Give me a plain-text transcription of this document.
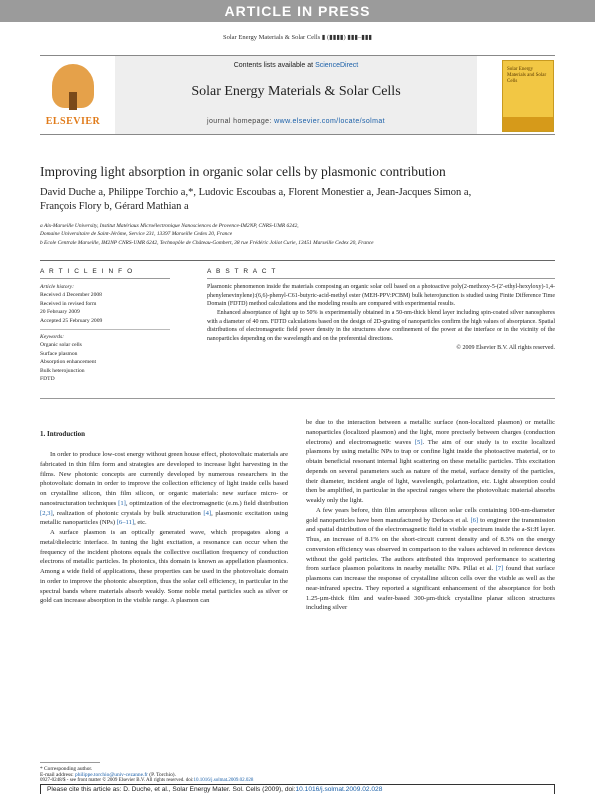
ARTICLE IN PRESS
Solar Energy Materials & Solar Cells ▮ (▮▮▮▮) ▮▮▮–▮▮▮
ELSEVIER
Contents lists available at ScienceDirect
Solar Energy Materials & Solar Cells
journal homepage: www.elsevier.com/locate/solmat
Solar Energy Materials and Solar Cells
Improving light absorption in organic solar cells by plasmonic contribution
David Duche a, Philippe Torchio a,*, Ludovic Escoubas a, Florent Monestier a, Jean-Jacques Simon a,
François Flory b, Gérard Mathian a
a Aix-Marseille University, Institut Matériaux Microélectronique Nanosciences de Provence-IM2NP, CNRS-UMR 6242,
Domaine Universitaire de Saint-Jérôme, Service 231, 13397 Marseille Cedex 20, France
b Ecole Centrale Marseille, IM2NP CNRS-UMR 6242, Technopôle de Château-Gombert, 38 rue Frédéric Joliot Curie, 13451 Marseille Cedex 20, France
A R T I C L E I N F O	A B S T R A C T
Article history:
Received 4 December 2008
Received in revised form
20 February 2009
Accepted 25 February 2009
Keywords:
Organic solar cells
Surface plasmon
Absorption enhancement
Bulk heterojunction
FDTD

Plasmonic phenomenon inside the materials composing an organic solar cell based on a photoactive poly(2-methoxy-5-(2′-ethyl-hexyloxy)-1,4-phenylenevinylene):(6,6)-phenyl-C61-butyric-acid-methyl ester (MEH-PPV:PCBM) bulk heterojunction is studied using Finite Difference Time Domain (FDTD) method calculations and the modeling results are compared with experimental results.

Enhanced absorptance of light up to 50% is experimentally obtained in a 50-nm-thick blend layer including spin-coated silver nanospheres with a diameter of 40 nm. FDTD calculations based on the design of 2D-grating of nanoparticles confirm the high values of absorptance. Spatial distributions of electromagnetic field power density in the structures show confinement of the power at the interface or in the vicinity of the nanoparticles depending on the wavelength and on the preferential directions.

© 2009 Elsevier B.V. All rights reserved.
1. Introduction

In order to produce low-cost energy without green house effect, photovoltaic materials are fabricated in thin film form and strategies are developed to increase light harvesting in the films. New photonic concepts are currently developed by numerous researchers in the photovoltaic domain in order to improve the collection efficiency of light inside cells based on crystalline silicon, thin film silicon, or organic materials: new surface micro- or nanostructuration techniques [1], optimization of the electromagnetic (e.m.) field distribution [2,3], realization of photonic crystals by bulk structuration [4], plasmonic excitation using metallic nanoparticles (NPs) [6–11], etc.

A surface plasmon is an optically generated wave, which propagates along a metal/dielectric interface. In tuning the light excitation, a resonance can occur when the frequency of the incident photons equals the collective oscillation frequency of conduction electrons of metallic particles. In photonics, this domain is known as appellation plasmonics. Among a wide field of applications, these properties can be used in the photovoltaic domain in order to improve the photonic absorption, thus the solar cell efficiency, in particular in the spectral bands where materials absorb weakly. Some noble metal particles such as silver or gold can increase absorption in the visible range. A plasmon can

be due to the interaction between a metallic surface (non-localized plasmon) or metallic nanoparticles (localized plasmon) and the light, more precisely between charges (conduction electrons) and electromagnetic waves [5]. The aim of our study is to excite localized plasmons by using metallic NPs to trap or confine light inside the photoactive material, or to obtain beneficial resonant internal light scattering on these metallic particles. This excitation depends on several parameters such as nature of the metal, surface density of the particles, their diameter, incident angle of light, wavelength, polarization, etc. Light absorption could then be amplified, in particular in the spectral ranges where the photovoltaic material absorbs weakly only the light.

A few years before, thin film amorphous silicon solar cells containing 100-nm-diameter gold nanoparticles have been manufactured by Derkacs et al. [6] to engineer the transmission and spatial distribution of the electromagnetic field in visible spectrum inside the a-Si:H layer. Thus, an increase of 8.1% on the short-circuit current density and of 8.3% on the energy conversion efficiency was observed in comparison to the values achieved in reference devices without the gold particles. The authors attributed this improved performance to scattering from surface plasmon polaritons in nearby metallic NPs. Pillai et al. [7] found that surface plasmons can increase the response of crystalline silicon cells over the visible as well as the near-infrared spectra. They reported a significant enhancement of the absorptance for both 1.25-µm-thick film and wafer-based 300-µm-thick crystalline planar silicon structures including silver

* Corresponding author.
E-mail address: philippe.torchio@univ-cezanne.fr (P. Torchio).
0927-0248/$ - see front matter © 2009 Elsevier B.V. All rights reserved. doi:10.1016/j.solmat.2009.02.028
Please cite this article as: D. Duche, et al., Solar Energy Mater. Sol. Cells (2009), doi:10.1016/j.solmat.2009.02.028
